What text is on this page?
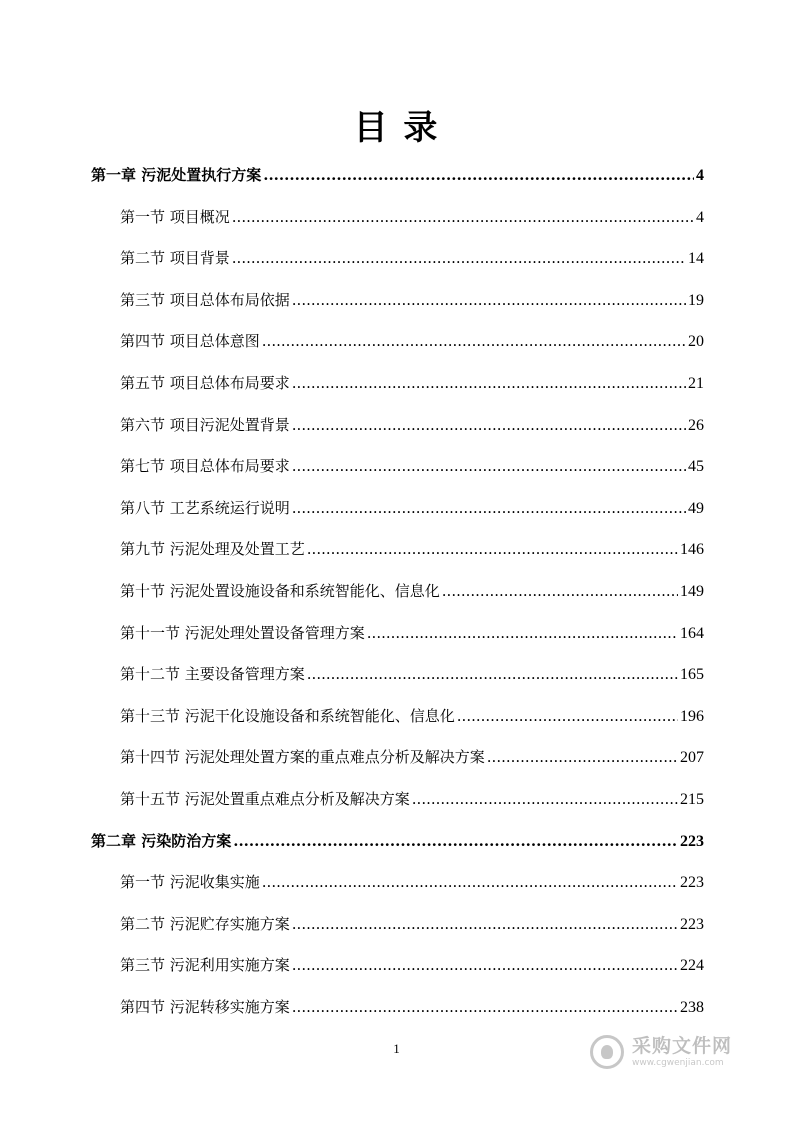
目 录
第一章 污泥处置执行方案 .....	4
第一节 项目概况 .....	4
第二节 项目背景 .....	14
第三节 项目总体布局依据 .....	19
第四节 项目总体意图 .....	20
第五节 项目总体布局要求 .....	21
第六节 项目污泥处置背景 .....	26
第七节 项目总体布局要求 .....	45
第八节 工艺系统运行说明 .....	49
第九节 污泥处理及处置工艺 .....	146
第十节 污泥处置设施设备和系统智能化、信息化 .....	149
第十一节 污泥处理处置设备管理方案 .....	164
第十二节 主要设备管理方案 .....	165
第十三节 污泥干化设施设备和系统智能化、信息化 .....	196
第十四节 污泥处理处置方案的重点难点分析及解决方案 .....	207
第十五节 污泥处置重点难点分析及解决方案 .....	215
第二章 污染防治方案 .....	223
第一节 污泥收集实施 .....	223
第二节 污泥贮存实施方案 .....	223
第三节 污泥利用实施方案 .....	224
第四节 污泥转移实施方案 .....	238
1	采购文件网
www.cgwenjian.com
